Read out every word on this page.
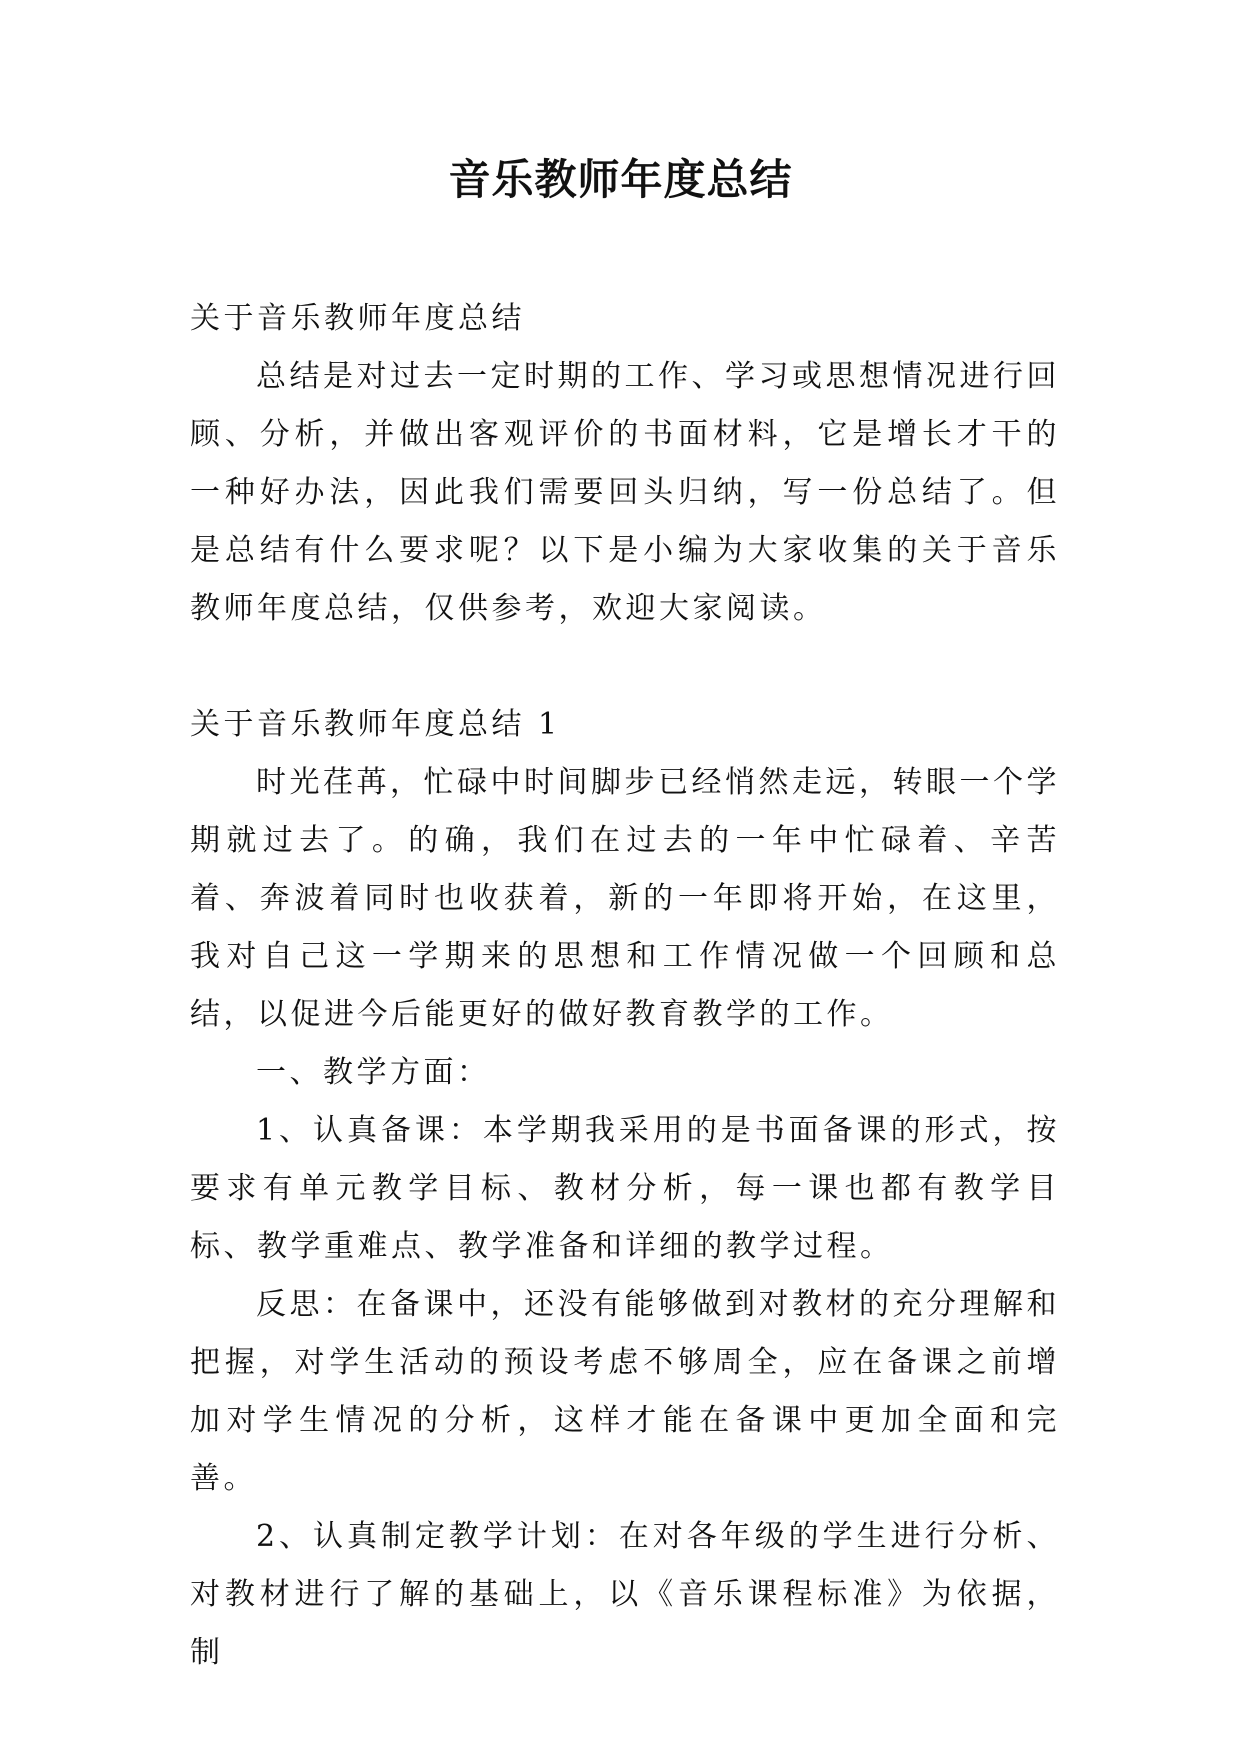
音乐教师年度总结

关于音乐教师年度总结

总结是对过去一定时期的工作、学习或思想情况进行回顾、分析，并做出客观评价的书面材料，它是增长才干的一种好办法，因此我们需要回头归纳，写一份总结了。但是总结有什么要求呢？以下是小编为大家收集的关于音乐教师年度总结，仅供参考，欢迎大家阅读。

关于音乐教师年度总结 1

时光荏苒，忙碌中时间脚步已经悄然走远，转眼一个学期就过去了。的确，我们在过去的一年中忙碌着、辛苦着、奔波着同时也收获着，新的一年即将开始，在这里，我对自己这一学期来的思想和工作情况做一个回顾和总结，以促进今后能更好的做好教育教学的工作。

一、教学方面：

1、认真备课：本学期我采用的是书面备课的形式，按要求有单元教学目标、教材分析，每一课也都有教学目标、教学重难点、教学准备和详细的教学过程。

反思：在备课中，还没有能够做到对教材的充分理解和把握，对学生活动的预设考虑不够周全，应在备课之前增加对学生情况的分析，这样才能在备课中更加全面和完善。

2、认真制定教学计划：在对各年级的学生进行分析、对教材进行了解的基础上，以《音乐课程标准》为依据，制
